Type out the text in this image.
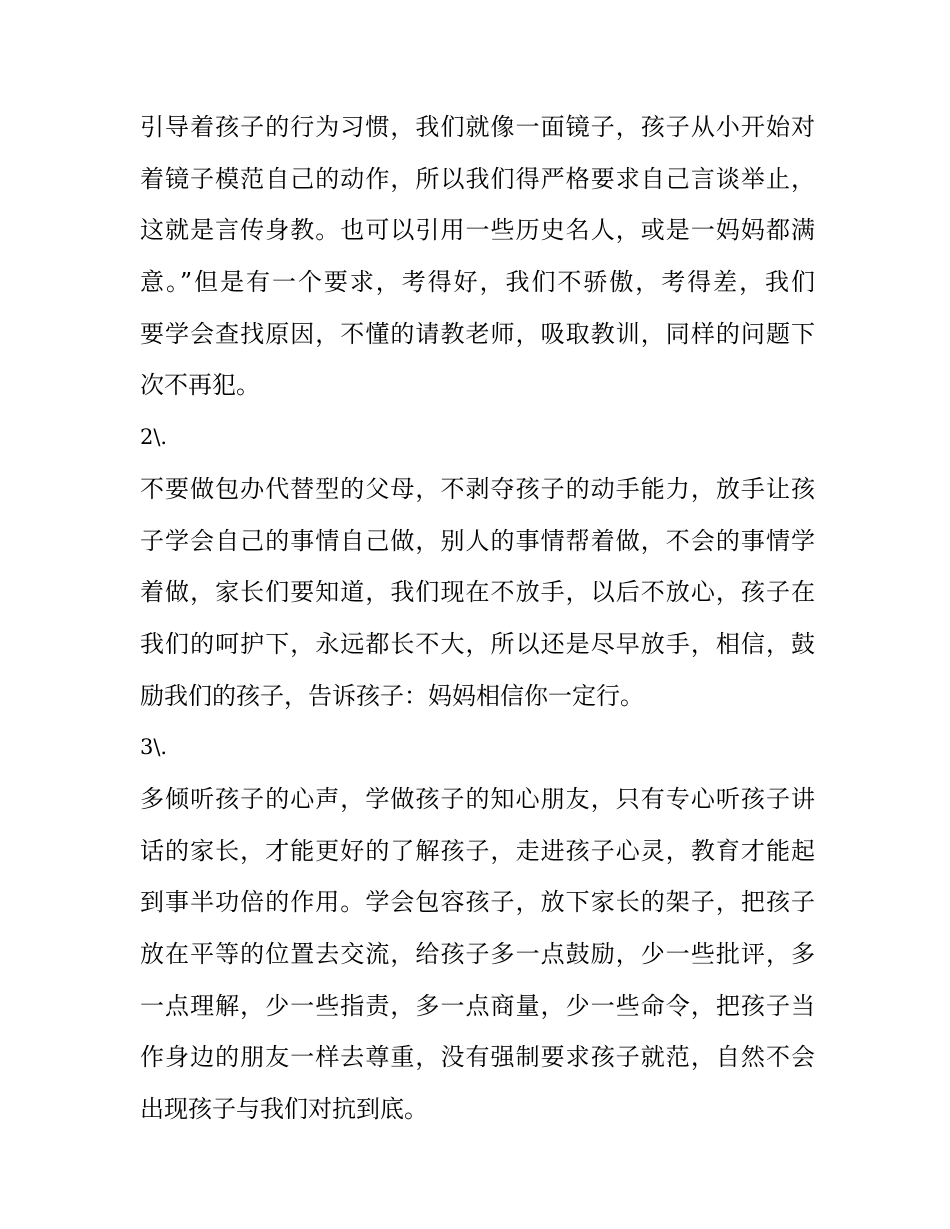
引导着孩子的行为习惯，我们就像一面镜子，孩子从小开始对
着镜子模范自己的动作，所以我们得严格要求自己言谈举止，
这就是言传身教。也可以引用一些历史名人，或是一妈妈都满
意。”但是有一个要求，考得好，我们不骄傲，考得差，我们
要学会查找原因，不懂的请教老师，吸取教训，同样的问题下
次不再犯。
2\.
不要做包办代替型的父母，不剥夺孩子的动手能力，放手让孩
子学会自己的事情自己做，别人的事情帮着做，不会的事情学
着做，家长们要知道，我们现在不放手，以后不放心，孩子在
我们的呵护下，永远都长不大，所以还是尽早放手，相信，鼓
励我们的孩子，告诉孩子：妈妈相信你一定行。
3\.
多倾听孩子的心声，学做孩子的知心朋友，只有专心听孩子讲
话的家长，才能更好的了解孩子，走进孩子心灵，教育才能起
到事半功倍的作用。学会包容孩子，放下家长的架子，把孩子
放在平等的位置去交流，给孩子多一点鼓励，少一些批评，多
一点理解，少一些指责，多一点商量，少一些命令，把孩子当
作身边的朋友一样去尊重，没有强制要求孩子就范，自然不会
出现孩子与我们对抗到底。
